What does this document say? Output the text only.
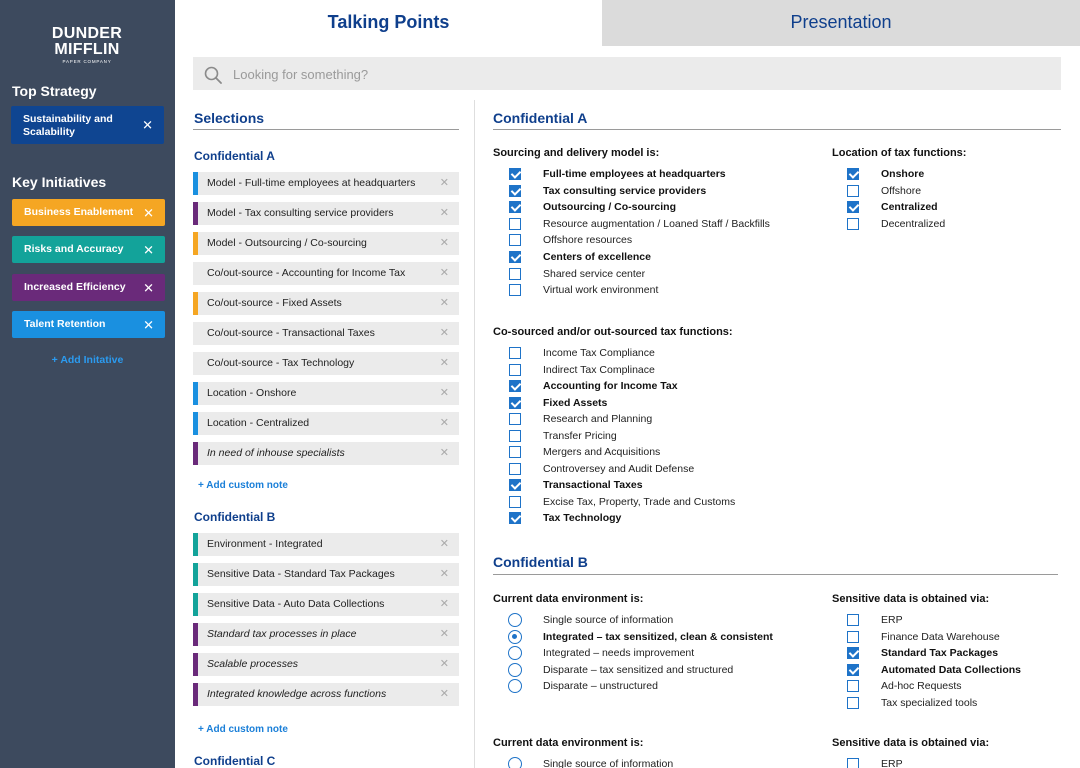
DUNDER
MIFFLIN
PAPER COMPANY
Top Strategy
Sustainability and Scalability	✕
Key Initiatives
Business Enablement ✕
Risks and Accuracy ✕
Increased Efficiency ✕
Talent Retention	✕
+ Add Initative
Talking Points	Presentation
Looking for something?
Selections
Confidential A
Model - Full-time employees at headquarters ✕
Model - Tax consulting service providers	✕
Model - Outsourcing / Co-sourcing	✕
Co/out-source - Accounting for Income Tax	✕
Co/out-source - Fixed Assets	✕
Co/out-source - Transactional Taxes	✕
Co/out-source - Tax Technology	✕
Location - Onshore	✕
Location - Centralized	✕
In need of inhouse specialists	✕
+ Add custom note
Confidential B
Environment - Integrated	✕
Sensitive Data - Standard Tax Packages	✕
Sensitive Data - Auto Data Collections	✕
Standard tax processes in place	✕
Scalable processes	✕
Integrated knowledge across functions	✕
+ Add custom note
Confidential C
Confidential A
Sourcing and delivery model is:
Full-time employees at headquarters
Tax consulting service providers
Outsourcing / Co-sourcing
Resource augmentation / Loaned Staff / Backfills
Offshore resources
Centers of excellence
Shared service center
Virtual work environment
Location of tax functions:
Onshore
Offshore
Centralized
Decentralized
Co-sourced and/or out-sourced tax functions:
Income Tax Compliance
Indirect Tax Complinace
Accounting for Income Tax
Fixed Assets
Research and Planning
Transfer Pricing
Mergers and Acquisitions
Controversey and Audit Defense
Transactional Taxes
Excise Tax, Property, Trade and Customs
Tax Technology
Confidential B
Current data environment is:
Single source of information
Integrated – tax sensitized, clean & consistent
Integrated – needs improvement
Disparate – tax sensitized and structured
Disparate – unstructured
Sensitive data is obtained via:
ERP
Finance Data Warehouse
Standard Tax Packages
Automated Data Collections
Ad-hoc Requests
Tax specialized tools
Current data environment is:
Single source of information
Sensitive data is obtained via:
ERP
